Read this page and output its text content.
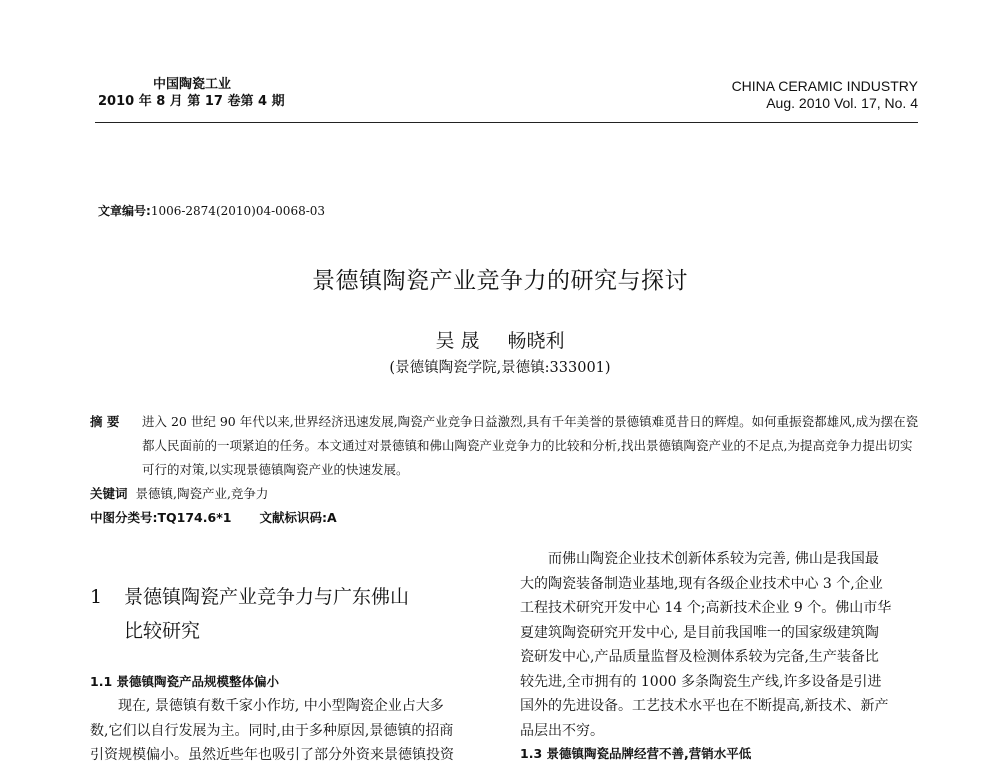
中国陶瓷工业
2010 年 8 月 第 17 卷第 4 期
CHINA CERAMIC INDUSTRY
Aug. 2010 Vol. 17, No. 4
文章编号:1006-2874(2010)04-0068-03
景德镇陶瓷产业竞争力的研究与探讨
吴 晟 畅晓利
(景德镇陶瓷学院,景德镇:333001)
摘 要	进入 20 世纪 90 年代以来,世界经济迅速发展,陶瓷产业竞争日益激烈,具有千年美誉的景德镇难觅昔日的辉煌。如何重振瓷都雄风,成为摆在瓷都人民面前的一项紧迫的任务。本文通过对景德镇和佛山陶瓷产业竞争力的比较和分析,找出景德镇陶瓷产业的不足点,为提高竞争力提出切实可行的对策,以实现景德镇陶瓷产业的快速发展。
关键词 景德镇,陶瓷产业,竞争力
中图分类号:TQ174.6*1 文献标识码:A
1 景德镇陶瓷产业竞争力与广东佛山
比较研究
1.1 景德镇陶瓷产品规模整体偏小
现在, 景德镇有数千家小作坊, 中小型陶瓷企业占大多
数,它们以自行发展为主。同时,由于多种原因,景德镇的招商
引资规模偏小。虽然近些年也吸引了部分外资来景德镇投资
而佛山陶瓷企业技术创新体系较为完善, 佛山是我国最
大的陶瓷装备制造业基地,现有各级企业技术中心 3 个,企业
工程技术研究开发中心 14 个;高新技术企业 9 个。佛山市华
夏建筑陶瓷研究开发中心, 是目前我国唯一的国家级建筑陶
瓷研发中心,产品质量监督及检测体系较为完备,生产装备比
较先进,全市拥有的 1000 多条陶瓷生产线,许多设备是引进
国外的先进设备。工艺技术水平也在不断提高,新技术、新产
品层出不穷。
1.3 景德镇陶瓷品牌经营不善,营销水平低
